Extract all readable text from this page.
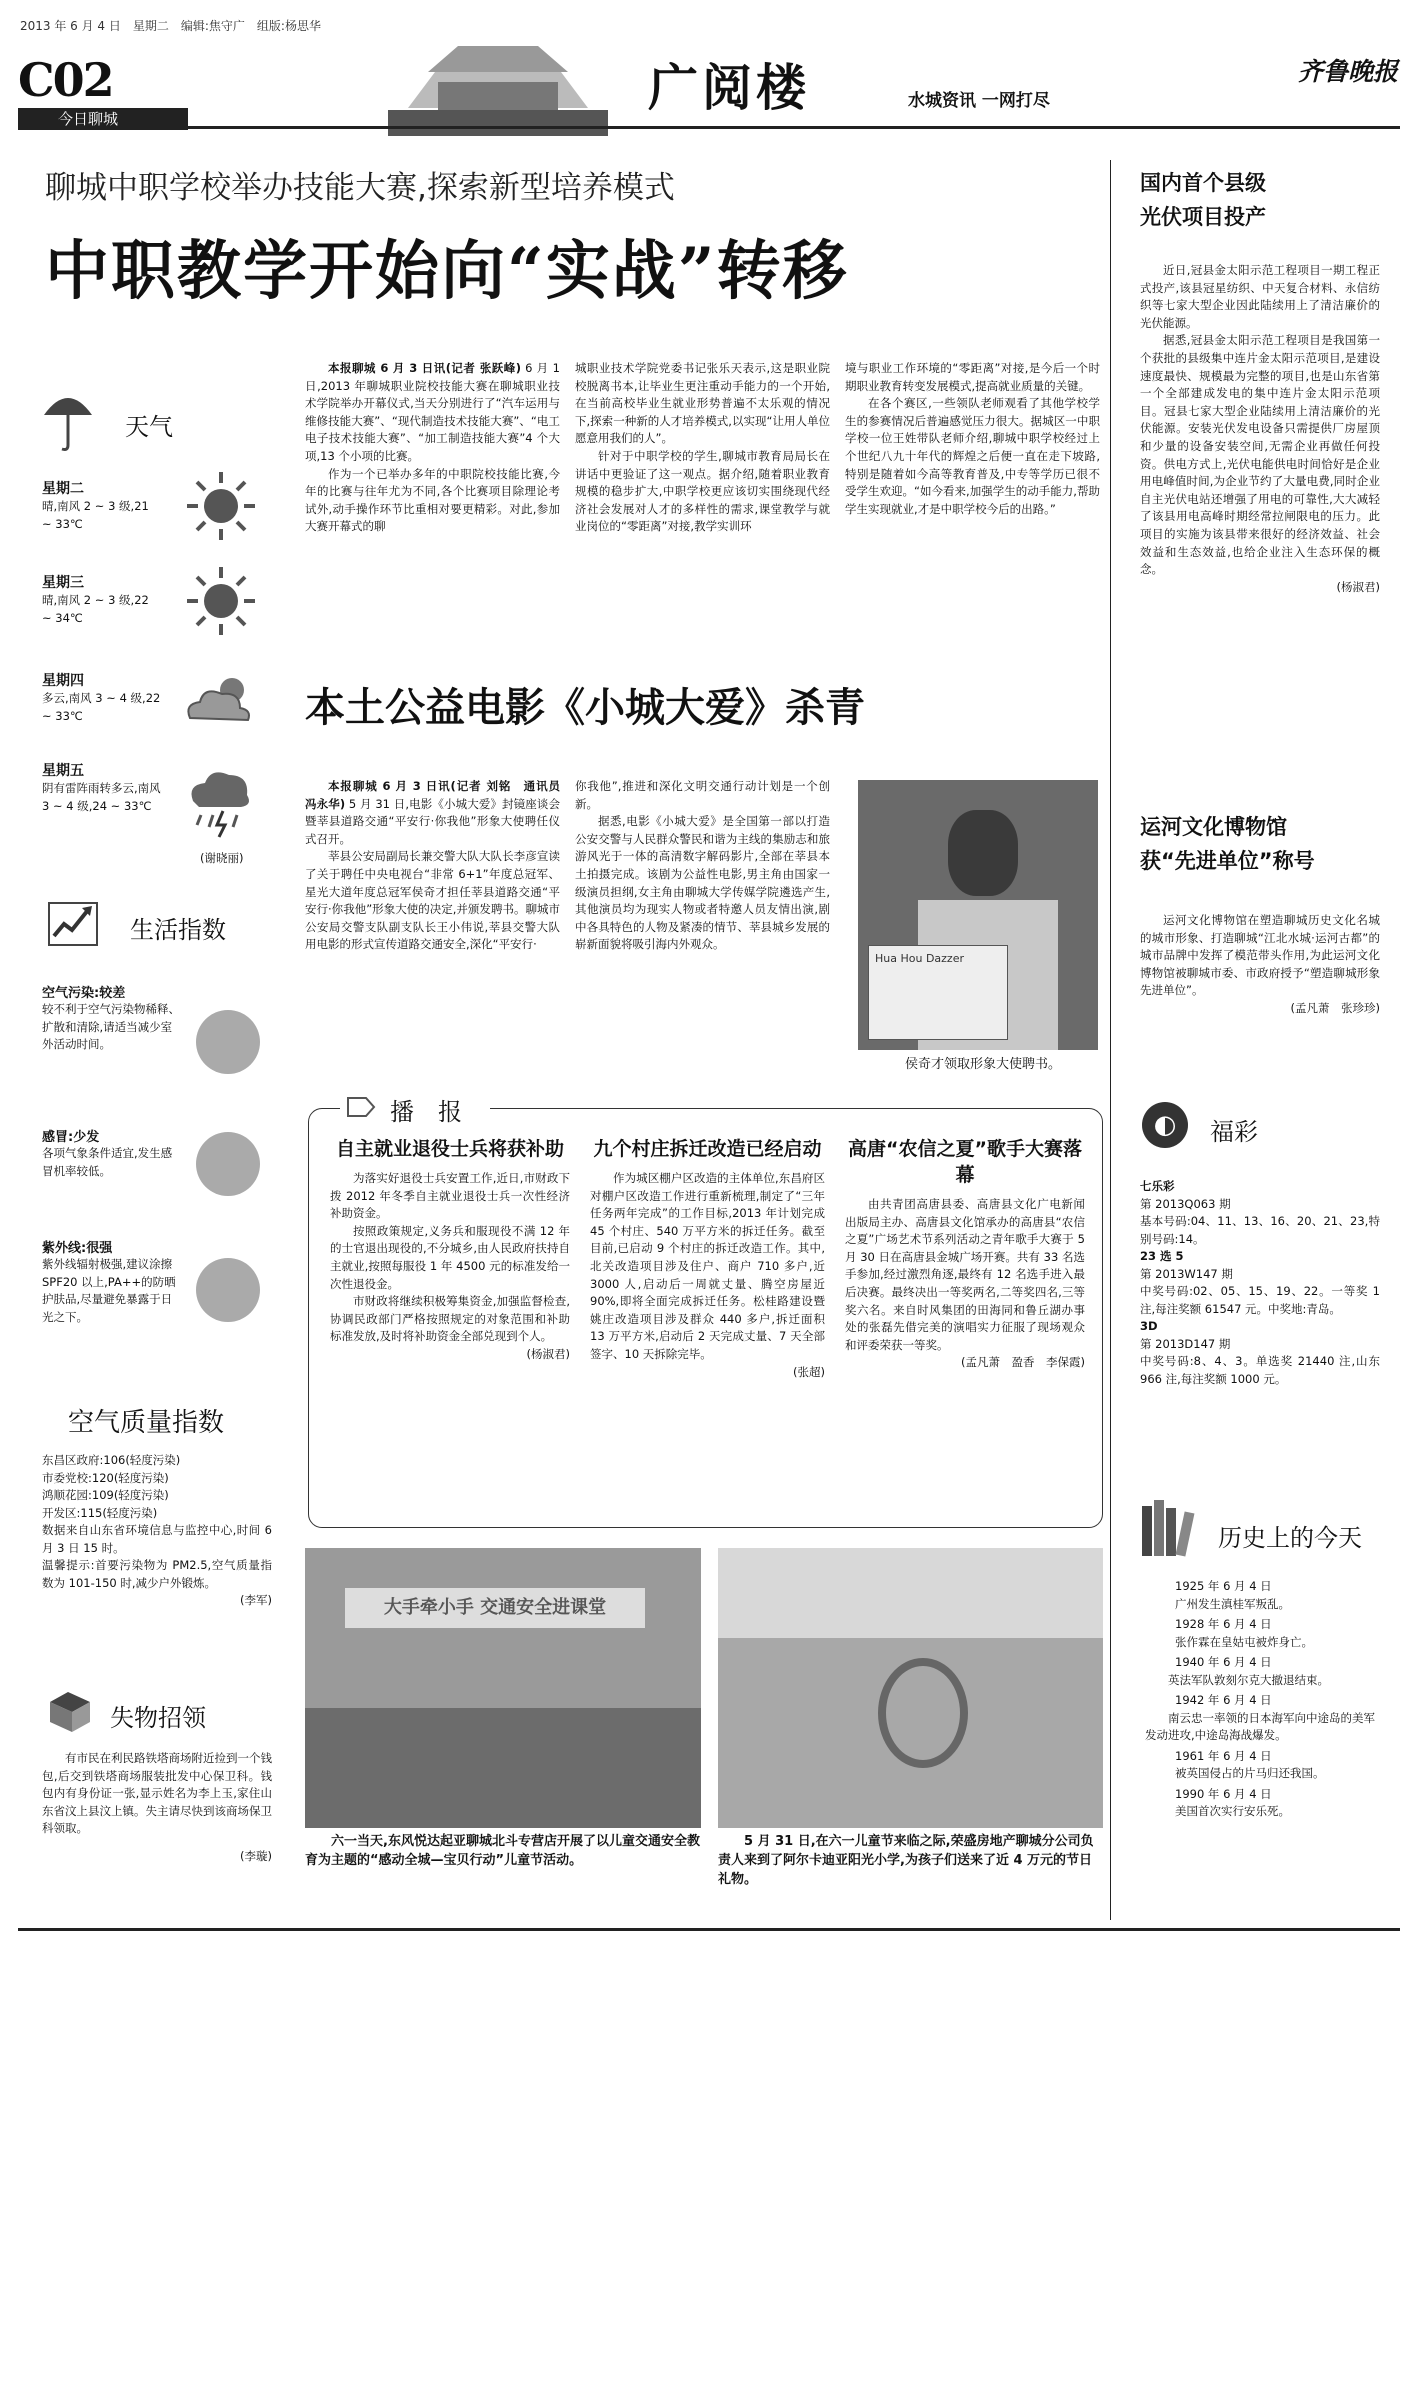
2013 年 6 月 4 日　星期二　编辑:焦守广　组版:杨思华
C02
今日聊城
广阅楼	水城资讯 一网打尽
齐鲁晚报
聊城中职学校举办技能大赛,探索新型培养模式
中职教学开始向“实战”转移

本报聊城 6 月 3 日讯(记者 张跃峰) 6 月 1 日,2013 年聊城职业院校技能大赛在聊城职业技术学院举办开幕仪式,当天分别进行了“汽车运用与维修技能大赛”、“现代制造技术技能大赛”、“电工电子技术技能大赛”、“加工制造技能大赛”4 个大项,13 个小项的比赛。

作为一个已举办多年的中职院校技能比赛,今年的比赛与往年尤为不同,各个比赛项目除理论考试外,动手操作环节比重相对要更精彩。对此,参加大赛开幕式的聊

城职业技术学院党委书记张乐天表示,这是职业院校脱离书本,让毕业生更注重动手能力的一个开始,在当前高校毕业生就业形势普遍不太乐观的情况下,探索一种新的人才培养模式,以实现“让用人单位愿意用我们的人”。

针对于中职学校的学生,聊城市教育局局长在讲话中更验证了这一观点。据介绍,随着职业教育规模的稳步扩大,中职学校更应该切实围绕现代经济社会发展对人才的多样性的需求,课堂教学与就业岗位的“零距离”对接,教学实训环

境与职业工作环境的“零距离”对接,是今后一个时期职业教育转变发展模式,提高就业质量的关键。

在各个赛区,一些领队老师观看了其他学校学生的参赛情况后普遍感觉压力很大。据城区一中职学校一位王姓带队老师介绍,聊城中职学校经过上个世纪八九十年代的辉煌之后便一直在走下坡路,特别是随着如今高等教育普及,中专等学历已很不受学生欢迎。“如今看来,加强学生的动手能力,帮助学生实现就业,才是中职学校今后的出路。”

天气
星期二
晴,南风 2 ~ 3 级,21 ~ 33℃
星期三
晴,南风 2 ~ 3 级,22 ~ 34℃
星期四
多云,南风 3 ~ 4 级,22 ~ 33℃
星期五
阴有雷阵雨转多云,南风 3 ~ 4 级,24 ~ 33℃
(谢晓丽)
生活指数
空气污染:较差
较不利于空气污染物稀释、扩散和清除,请适当减少室外活动时间。
感冒:少发
各项气象条件适宜,发生感冒机率较低。
紫外线:很强
紫外线辐射极强,建议涂擦 SPF20 以上,PA++的防晒护肤品,尽量避免暴露于日光之下。
空气质量指数
东昌区政府:106(轻度污染)
市委党校:120(轻度污染)
鸿顺花园:109(轻度污染)
开发区:115(轻度污染)
数据来自山东省环境信息与监控中心,时间 6 月 3 日 15 时。
温馨提示:首要污染物为 PM2.5,空气质量指数为 101-150 时,减少户外锻炼。
(李军)
失物招领
有市民在利民路铁塔商场附近捡到一个钱包,后交到铁塔商场服装批发中心保卫科。钱包内有身份证一张,显示姓名为李上玉,家住山东省汶上县汶上镇。失主请尽快到该商场保卫科领取。
(李璇)
本土公益电影《小城大爱》杀青

本报聊城 6 月 3 日讯(记者 刘铭　通讯员　冯永华) 5 月 31 日,电影《小城大爱》封镜座谈会暨莘县道路交通“平安行·你我他”形象大使聘任仪式召开。

莘县公安局副局长兼交警大队大队长李彦宣读了关于聘任中央电视台“非常 6+1”年度总冠军、星光大道年度总冠军侯奇才担任莘县道路交通“平安行·你我他”形象大使的决定,并颁发聘书。聊城市公安局交警支队副支队长王小伟说,莘县交警大队用电影的形式宣传道路交通安全,深化“平安行·

你我他”,推进和深化文明交通行动计划是一个创新。

据悉,电影《小城大爱》是全国第一部以打造公安交警与人民群众警民和谐为主线的集励志和旅游风光于一体的高清数字解码影片,全部在莘县本土拍摄完成。该剧为公益性电影,男主角由国家一级演员担纲,女主角由聊城大学传媒学院遴选产生,其他演员均为现实人物或者特邀人员友情出演,剧中各具特色的人物及紧凑的情节、莘县城乡发展的崭新面貌将吸引海内外观众。

Hua Hou Dazzer
侯奇才领取形象大使聘书。
播　报
自主就业退役士兵将获补助

为落实好退役士兵安置工作,近日,市财政下拨 2012 年冬季自主就业退役士兵一次性经济补助资金。

按照政策规定,义务兵和服现役不满 12 年的士官退出现役的,不分城乡,由人民政府扶持自主就业,按照每服役 1 年 4500 元的标准发给一次性退役金。

市财政将继续积极筹集资金,加强监督检查,协调民政部门严格按照规定的对象范围和补助标准发放,及时将补助资金全部兑现到个人。

(杨淑君)

九个村庄拆迁改造已经启动

作为城区棚户区改造的主体单位,东昌府区对棚户区改造工作进行重新梳理,制定了“三年任务两年完成”的工作目标,2013 年计划完成 45 个村庄、540 万平方米的拆迁任务。截至目前,已启动 9 个村庄的拆迁改造工作。其中,北关改造项目涉及住户、商户 710 多户,近 3000 人,启动后一周就丈量、腾空房屋近 90%,即将全面完成拆迁任务。松桂路建设暨姚庄改造项目涉及群众 440 多户,拆迁面积 13 万平方米,启动后 2 天完成丈量、7 天全部签字、10 天拆除完毕。

(张超)

高唐“农信之夏”歌手大赛落幕

由共青团高唐县委、高唐县文化广电新闻出版局主办、高唐县文化馆承办的高唐县“农信之夏”广场艺术节系列活动之青年歌手大赛于 5 月 30 日在高唐县金城广场开赛。共有 33 名选手参加,经过激烈角逐,最终有 12 名选手进入最后决赛。最终决出一等奖两名,二等奖四名,三等奖六名。来自时风集团的田海同和鲁丘湖办事处的张磊先借完美的演唱实力征服了现场观众和评委荣获一等奖。

(孟凡萧　盈香　李保霞)

大手牵小手 交通安全进课堂
六一当天,东风悦达起亚聊城北斗专营店开展了以儿童交通安全教育为主题的“感动全城—宝贝行动”儿童节活动。
5 月 31 日,在六一儿童节来临之际,荣盛房地产聊城分公司负责人来到了阿尔卡迪亚阳光小学,为孩子们送来了近 4 万元的节日礼物。
国内首个县级
光伏项目投产

近日,冠县金太阳示范工程项目一期工程正式投产,该县冠星纺织、中天复合材料、永信纺织等七家大型企业因此陆续用上了清洁廉价的光伏能源。

据悉,冠县金太阳示范工程项目是我国第一个获批的县级集中连片金太阳示范项目,是建设速度最快、规模最为完整的项目,也是山东省第一个全部建成发电的集中连片金太阳示范项目。冠县七家大型企业陆续用上清洁廉价的光伏能源。安装光伏发电设备只需提供厂房屋顶和少量的设备安装空间,无需企业再做任何投资。供电方式上,光伏电能供电时间恰好是企业用电峰值时间,为企业节约了大量电费,同时企业自主光伏电站还增强了用电的可靠性,大大减轻了该县用电高峰时期经常拉闸限电的压力。此项目的实施为该县带来很好的经济效益、社会效益和生态效益,也给企业注入生态环保的概念。

(杨淑君)

运河文化博物馆
获“先进单位”称号

运河文化博物馆在塑造聊城历史文化名城的城市形象、打造聊城“江北水城·运河古都”的城市品牌中发挥了模范带头作用,为此运河文化博物馆被聊城市委、市政府授予“塑造聊城形象先进单位”。

(孟凡萧　张珍珍)

◐	福彩
七乐彩
第 2013Q063 期
基本号码:04、11、13、16、20、21、23,特别号码:14。
23 选 5
第 2013W147 期
中奖号码:02、05、15、19、22。一等奖 1 注,每注奖额 61547 元。中奖地:青岛。
3D
第 2013D147 期
中奖号码:8、4、3。单选奖 21440 注,山东 966 注,每注奖额 1000 元。
历史上的今天
1925 年 6 月 4 日
广州发生滇桂军叛乱。
1928 年 6 月 4 日
张作霖在皇姑屯被炸身亡。
1940 年 6 月 4 日
英法军队敦刻尔克大撤退结束。
1942 年 6 月 4 日
南云忠一率领的日本海军向中途岛的美军发动进攻,中途岛海战爆发。
1961 年 6 月 4 日
被英国侵占的片马归还我国。
1990 年 6 月 4 日
美国首次实行安乐死。
